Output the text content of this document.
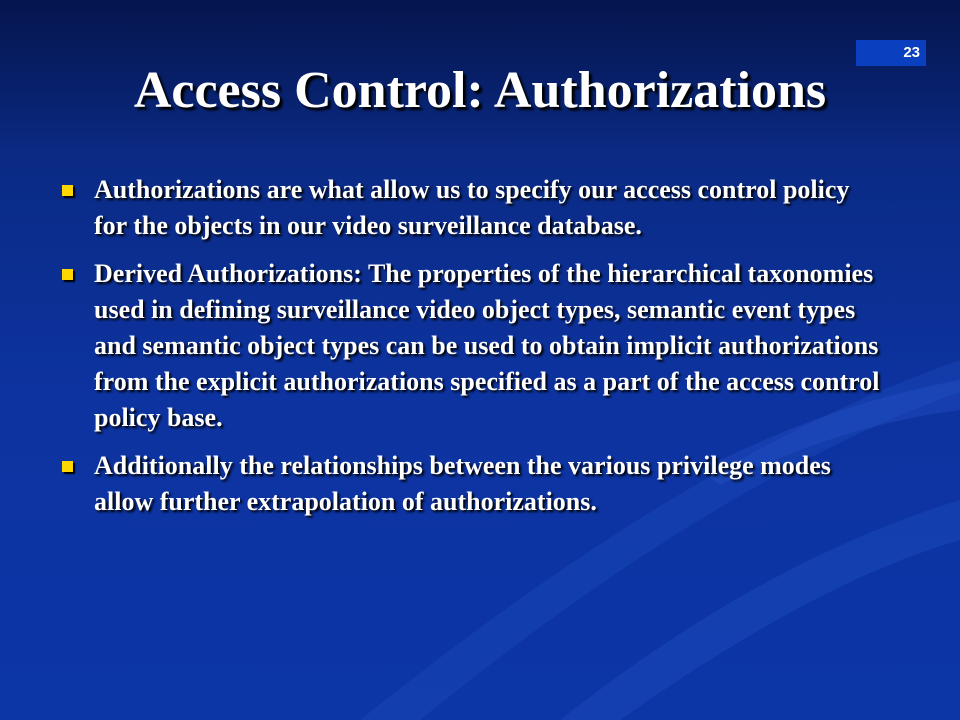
23
Access Control: Authorizations
Authorizations are what allow us to specify our access control policy for the objects in our video surveillance database.
Derived Authorizations: The properties of the hierarchical taxonomies used in defining surveillance video object types, semantic event types and semantic object types can be used to obtain implicit authorizations from the explicit authorizations specified as a part of the access control policy base.
Additionally the relationships between the various privilege modes allow further extrapolation of authorizations.
